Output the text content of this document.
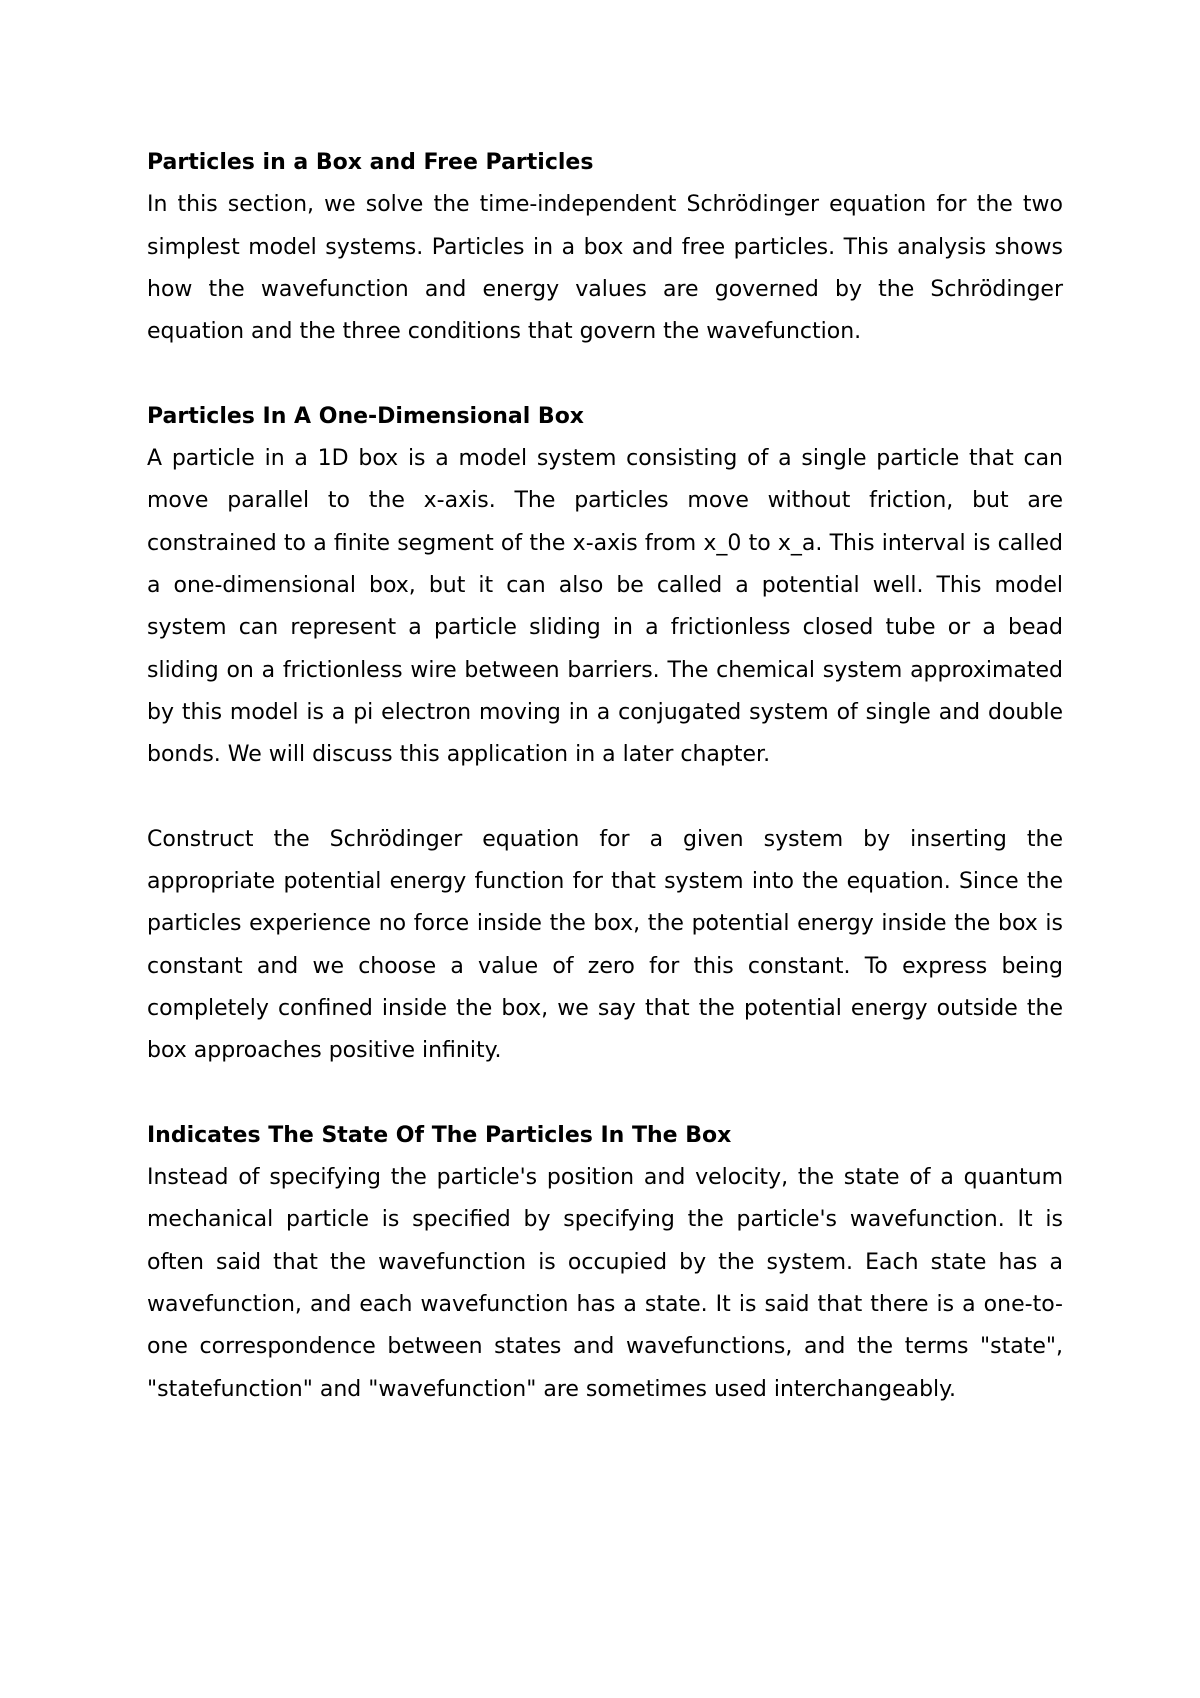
Particles in a Box and Free Particles

In this section, we solve the time-independent Schrödinger equation for the two simplest model systems. Particles in a box and free particles. This analysis shows how the wavefunction and energy values are governed by the Schrödinger equation and the three conditions that govern the wavefunction.

Particles In A One-Dimensional Box

A particle in a 1D box is a model system consisting of a single particle that can move parallel to the x-axis. The particles move without friction, but are constrained to a finite segment of the x-axis from x_0 to x_a. This interval is called a one-dimensional box, but it can also be called a potential well. This model system can represent a particle sliding in a frictionless closed tube or a bead sliding on a frictionless wire between barriers. The chemical system approximated by this model is a pi electron moving in a conjugated system of single and double bonds. We will discuss this application in a later chapter.

Construct the Schrödinger equation for a given system by inserting the appropriate potential energy function for that system into the equation. Since the particles experience no force inside the box, the potential energy inside the box is constant and we choose a value of zero for this constant. To express being completely confined inside the box, we say that the potential energy outside the box approaches positive infinity.

Indicates The State Of The Particles In The Box

Instead of specifying the particle's position and velocity, the state of a quantum mechanical particle is specified by specifying the particle's wavefunction. It is often said that the wavefunction is occupied by the system. Each state has a wavefunction, and each wavefunction has a state. It is said that there is a one-to-one correspondence between states and wavefunctions, and the terms "state", "statefunction" and "wavefunction" are sometimes used interchangeably.
